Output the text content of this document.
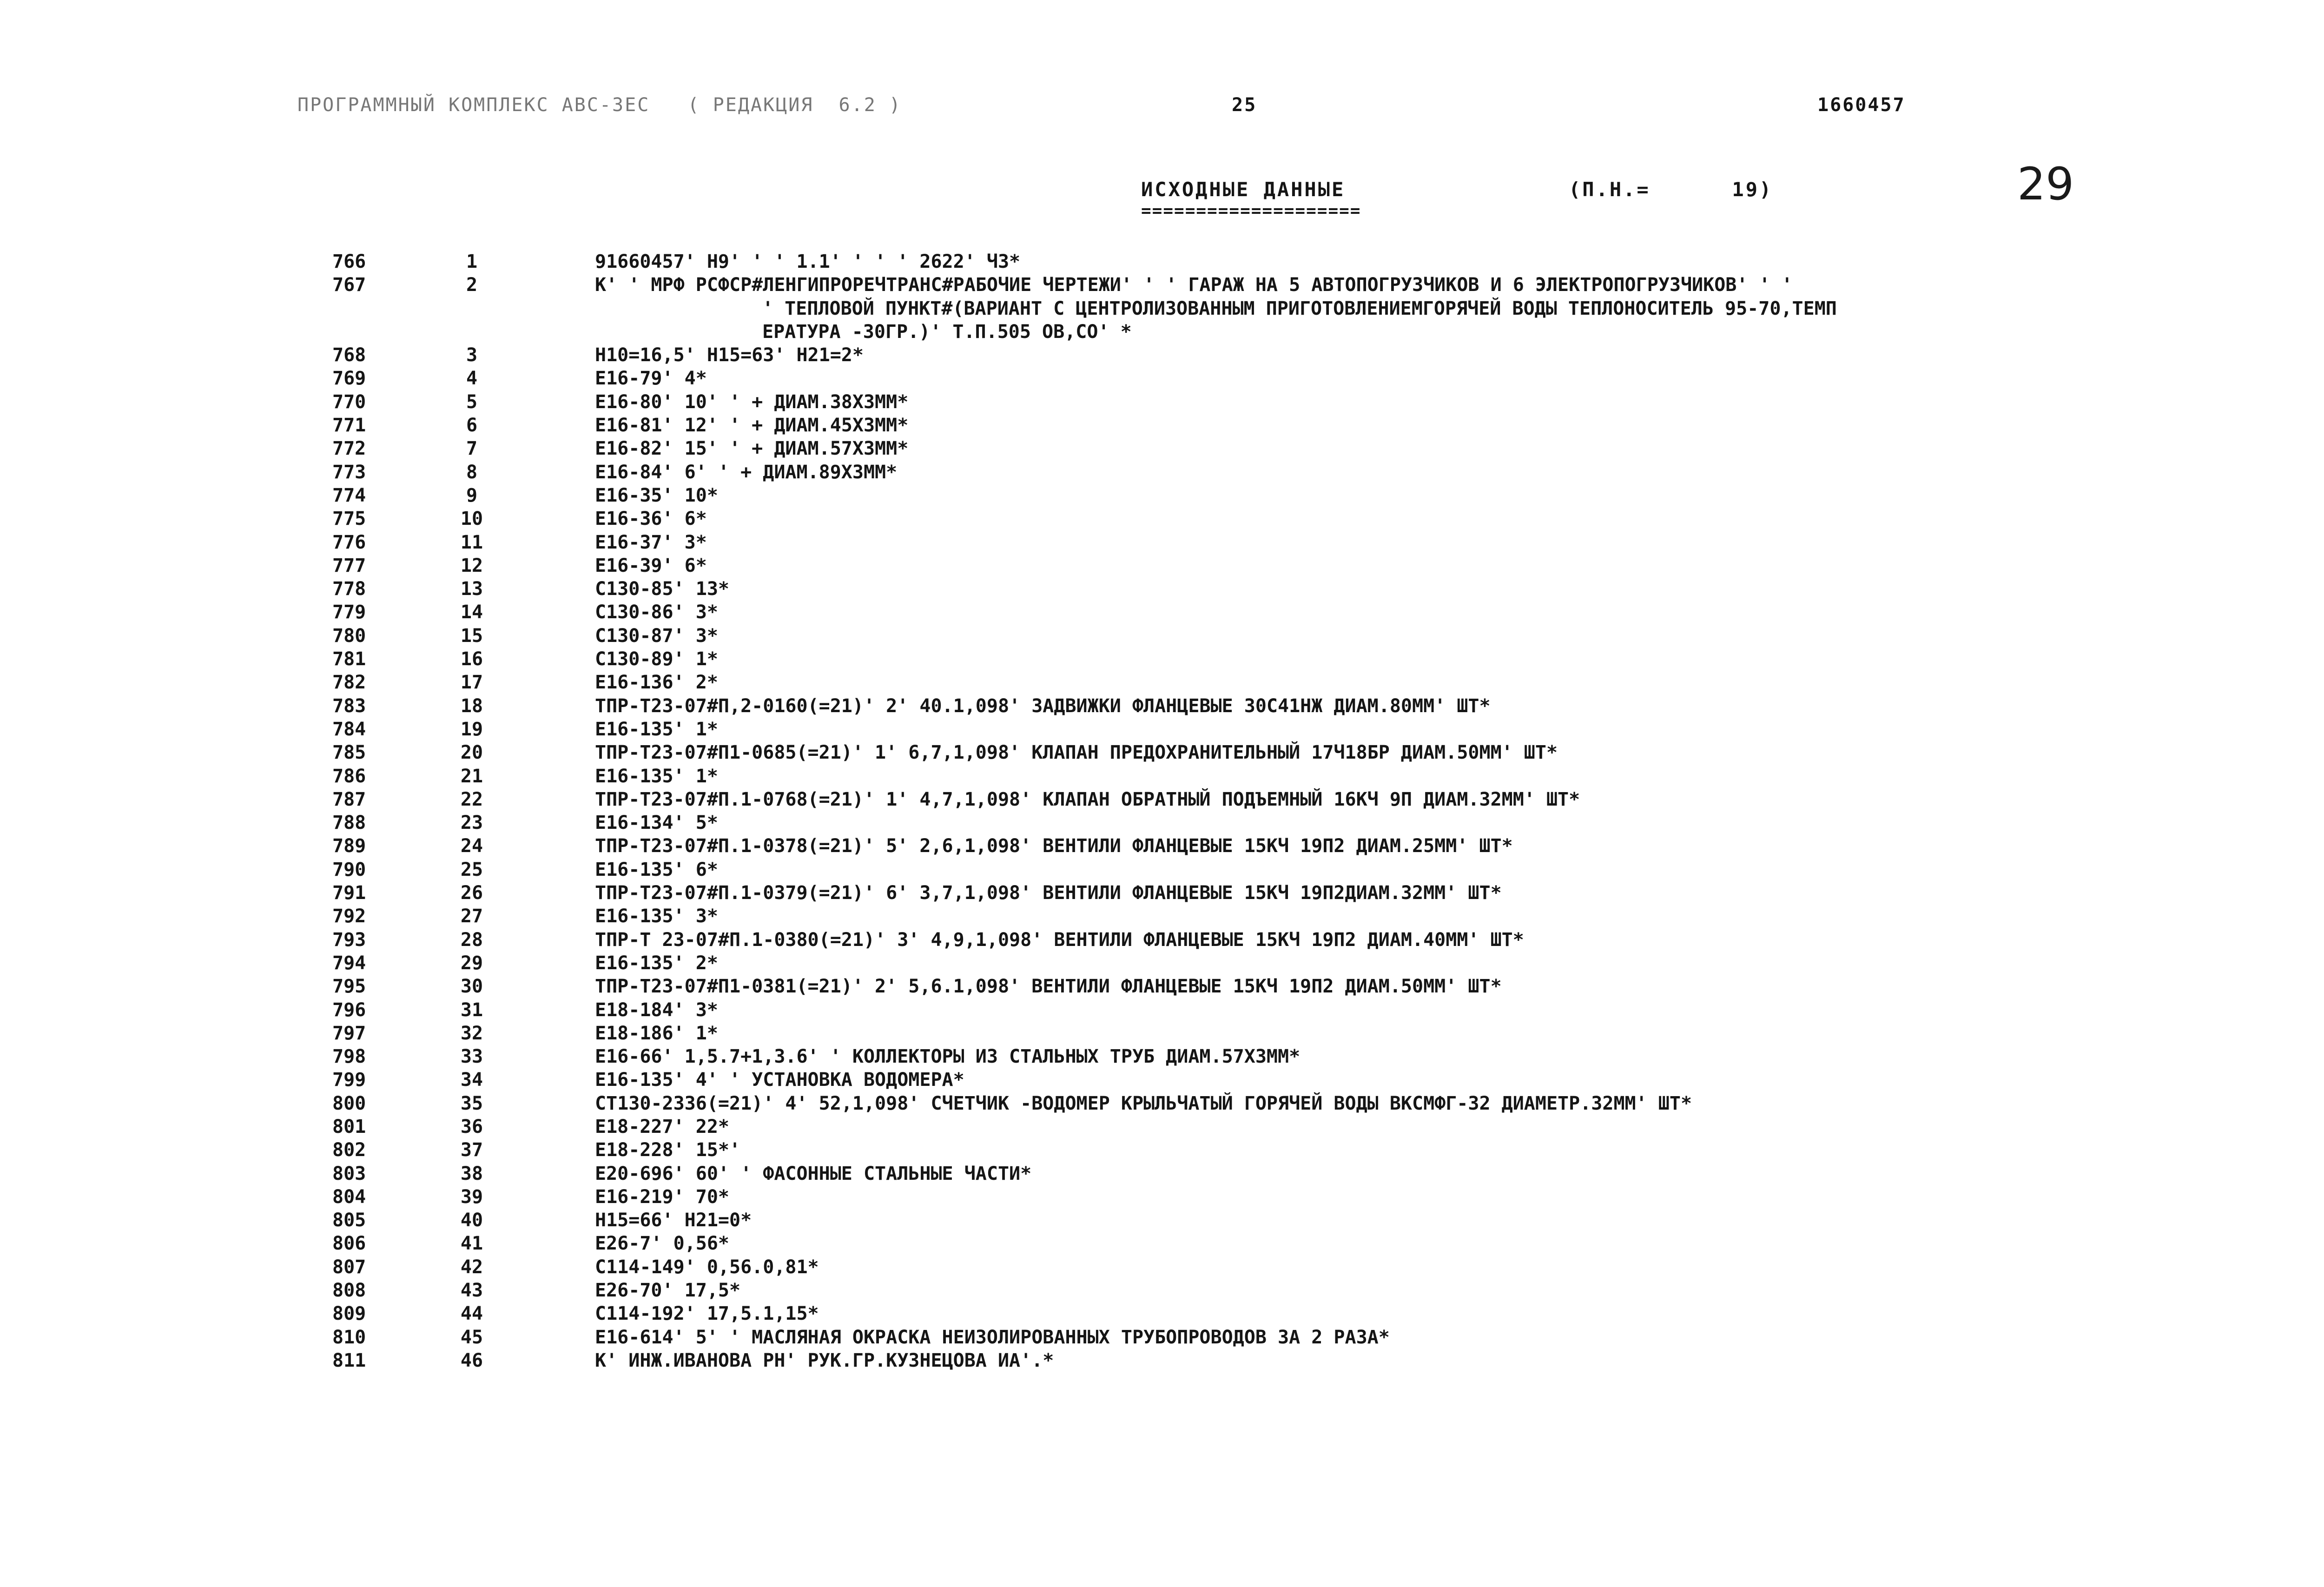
ПРОГРАММНЫЙ КОМПЛЕКС АВС-ЗЕС   ( РЕДАКЦИЯ  6.2 )	25	1660457
ИСХОДНЫЕ ДАННЫЕ
====================
(П.Н.=      19)	29
766	1	91660457' Н9' ' ' 1.1' ' ' ' 2622' Ч3*
767	2	К' ' МРФ РСФСР#ЛЕНГИПРОРЕЧТРАНС#РАБОЧИЕ ЧЕРТЕЖИ' ' ' ГАРАЖ НА 5 АВТОПОГРУЗЧИКОВ И 6 ЭЛЕКТРОПОГРУЗЧИКОВ' ' '
' ТЕПЛОВОЙ ПУНКТ#(ВАРИАНТ С ЦЕНТРОЛИЗОВАННЫМ ПРИГОТОВЛЕНИЕМГОРЯЧЕЙ ВОДЫ ТЕПЛОНОСИТЕЛЬ 95-70,ТЕМП
ЕРАТУРА -30ГР.)' Т.П.505 ОВ,СО' *
768	3	Н10=16,5' Н15=63' Н21=2*
769	4	Е16-79' 4*
770	5	Е16-80' 10' ' + ДИАМ.38Х3ММ*
771	6	Е16-81' 12' ' + ДИАМ.45Х3ММ*
772	7	Е16-82' 15' ' + ДИАМ.57Х3ММ*
773	8	Е16-84' 6' ' + ДИАМ.89Х3ММ*
774	9	Е16-35' 10*
775	10	Е16-36' 6*
776	11	Е16-37' 3*
777	12	Е16-39' 6*
778	13	С130-85' 13*
779	14	С130-86' 3*
780	15	С130-87' 3*
781	16	С130-89' 1*
782	17	Е16-136' 2*
783	18	ТПР-Т23-07#П,2-0160(=21)' 2' 40.1,098' ЗАДВИЖКИ ФЛАНЦЕВЫЕ 30С41НЖ ДИАМ.80ММ' ШТ*
784	19	Е16-135' 1*
785	20	ТПР-Т23-07#П1-0685(=21)' 1' 6,7,1,098' КЛАПАН ПРЕДОХРАНИТЕЛЬНЫЙ 17Ч18БР ДИАМ.50ММ' ШТ*
786	21	Е16-135' 1*
787	22	ТПР-Т23-07#П.1-0768(=21)' 1' 4,7,1,098' КЛАПАН ОБРАТНЫЙ ПОДЪЕМНЫЙ 16КЧ 9П ДИАМ.32ММ' ШТ*
788	23	Е16-134' 5*
789	24	ТПР-Т23-07#П.1-0378(=21)' 5' 2,6,1,098' ВЕНТИЛИ ФЛАНЦЕВЫЕ 15КЧ 19П2 ДИАМ.25ММ' ШТ*
790	25	Е16-135' 6*
791	26	ТПР-Т23-07#П.1-0379(=21)' 6' 3,7,1,098' ВЕНТИЛИ ФЛАНЦЕВЫЕ 15КЧ 19П2ДИАМ.32ММ' ШТ*
792	27	Е16-135' 3*
793	28	ТПР-Т 23-07#П.1-0380(=21)' 3' 4,9,1,098' ВЕНТИЛИ ФЛАНЦЕВЫЕ 15КЧ 19П2 ДИАМ.40ММ' ШТ*
794	29	Е16-135' 2*
795	30	ТПР-Т23-07#П1-0381(=21)' 2' 5,6.1,098' ВЕНТИЛИ ФЛАНЦЕВЫЕ 15КЧ 19П2 ДИАМ.50ММ' ШТ*
796	31	Е18-184' 3*
797	32	Е18-186' 1*
798	33	Е16-66' 1,5.7+1,3.6' ' КОЛЛЕКТОРЫ ИЗ СТАЛЬНЫХ ТРУБ ДИАМ.57Х3ММ*
799	34	Е16-135' 4' ' УСТАНОВКА ВОДОМЕРА*
800	35	СТ130-2336(=21)' 4' 52,1,098' СЧЕТЧИК -ВОДОМЕР КРЫЛЬЧАТЫЙ ГОРЯЧЕЙ ВОДЫ ВКСМФГ-32 ДИАМЕТР.32ММ' ШТ*
801	36	Е18-227' 22*
802	37	Е18-228' 15*'
803	38	Е20-696' 60' ' ФАСОННЫЕ СТАЛЬНЫЕ ЧАСТИ*
804	39	Е16-219' 70*
805	40	Н15=66' Н21=0*
806	41	Е26-7' 0,56*
807	42	С114-149' 0,56.0,81*
808	43	Е26-70' 17,5*
809	44	С114-192' 17,5.1,15*
810	45	Е16-614' 5' ' МАСЛЯНАЯ ОКРАСКА НЕИЗОЛИРОВАННЫХ ТРУБОПРОВОДОВ ЗА 2 РАЗА*
811	46	К' ИНЖ.ИВАНОВА РН' РУК.ГР.КУЗНЕЦОВА ИА'.*
